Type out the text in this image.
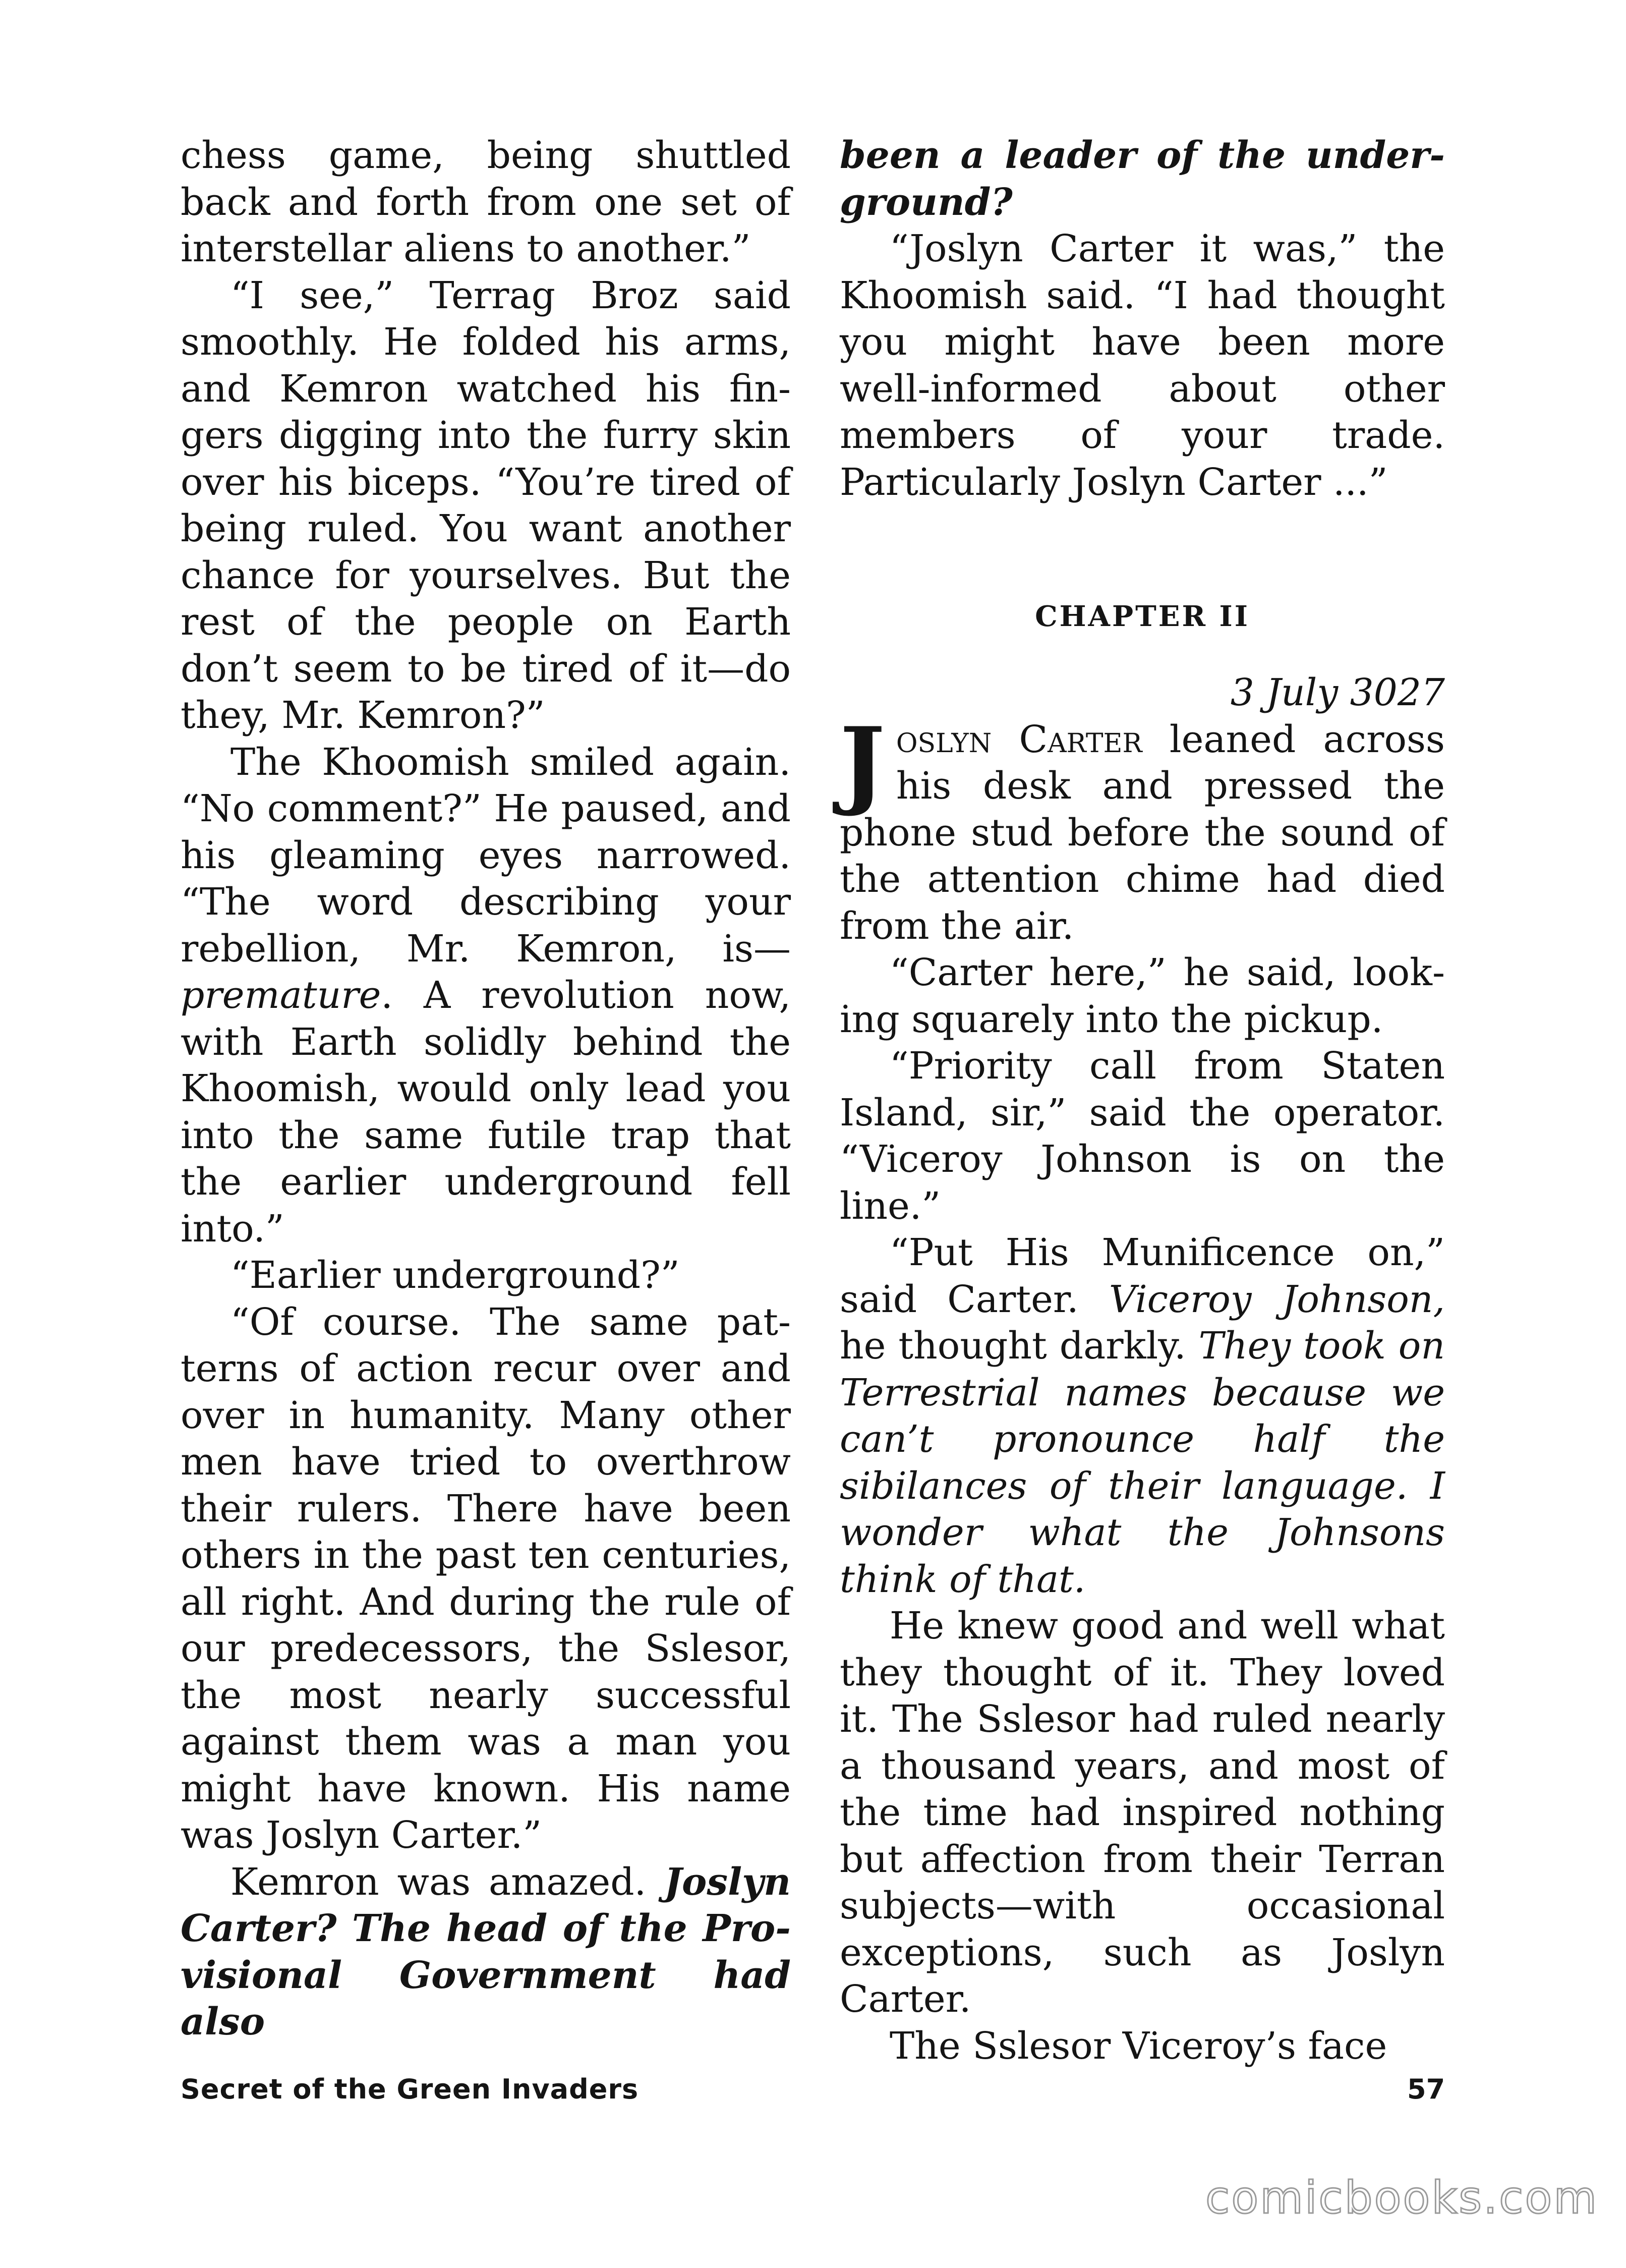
chess game, being shuttled back and forth from one set of interstellar aliens to another.”

“I see,” Terrag Broz said smoothly. He folded his arms, and Kemron watched his fingers digging into the furry skin over his biceps. “You’re tired of being ruled. You want another chance for yourselves. But the rest of the people on Earth don’t seem to be tired of it—do they, Mr. Kemron?”

The Khoomish smiled again. “No comment?” He paused, and his gleaming eyes narrowed. “The word describing your rebellion, Mr. Kemron, is—premature. A revolution now, with Earth solidly behind the Khoomish, would only lead you into the same futile trap that the earlier underground fell into.”

“Earlier underground?”

“Of course. The same patterns of action recur over and over in humanity. Many other men have tried to overthrow their rulers. There have been others in the past ten centuries, all right. And during the rule of our predecessors, the Sslesor, the most nearly successful against them was a man you might have known. His name was Joslyn Carter.”

Kemron was amazed. Joslyn Carter? The head of the Provisional Government had also

been a leader of the underground?

“Joslyn Carter it was,” the Khoomish said. “I had thought you might have been more well-informed about other members of your trade. Particularly Joslyn Carter ...”

CHAPTER II

3 July 3027

Joslyn Carter leaned across his desk and pressed the phone stud before the sound of the attention chime had died from the air.

“Carter here,” he said, looking squarely into the pickup.

“Priority call from Staten Island, sir,” said the operator. “Viceroy Johnson is on the line.”

“Put His Munificence on,” said Carter. Viceroy Johnson, he thought darkly. They took on Terrestrial names because we can’t pronounce half the sibilances of their language. I wonder what the Johnsons think of that.

He knew good and well what they thought of it. They loved it. The Sslesor had ruled nearly a thousand years, and most of the time had inspired nothing but affection from their Terran subjects—with occasional exceptions, such as Joslyn Carter.

The Sslesor Viceroy’s face

Secret of the Green Invaders	57
comicbooks.com
